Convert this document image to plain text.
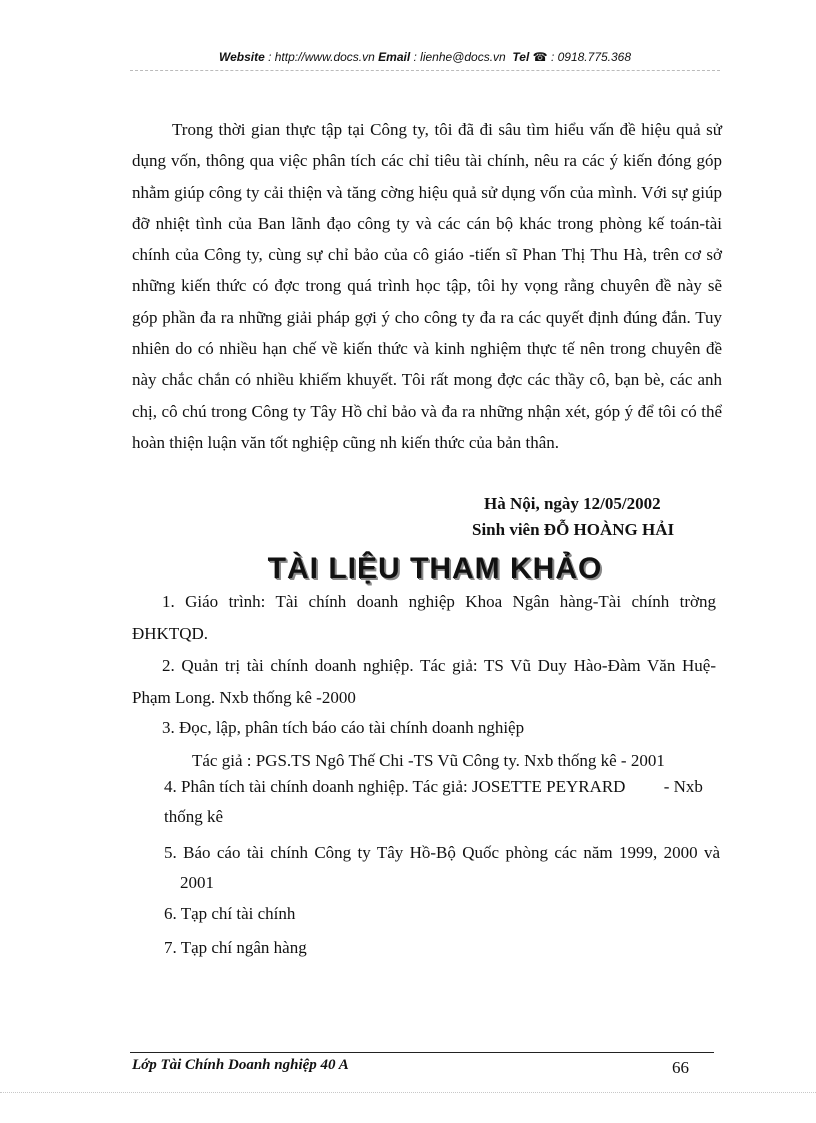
Website : http://www.docs.vn Email : lienhe@docs.vn Tel ☎ : 0918.775.368

Trong thời gian thực tập tại Công ty, tôi đã đi sâu tìm hiểu vấn đề hiệu quả sử dụng vốn, thông qua việc phân tích các chỉ tiêu tài chính, nêu ra các ý kiến đóng góp nhằm giúp công ty cải thiện và tăng cờng hiệu quả sử dụng vốn của mình. Với sự giúp đỡ nhiệt tình của Ban lãnh đạo công ty và các cán bộ khác trong phòng kế toán-tài chính của Công ty, cùng sự chỉ bảo của cô giáo -tiến sĩ Phan Thị Thu Hà, trên cơ sở những kiến thức có đợc trong quá trình học tập, tôi hy vọng rằng chuyên đề này sẽ góp phần đa ra những giải pháp gợi ý cho công ty đa ra các quyết định đúng đắn. Tuy nhiên do có nhiều hạn chế về kiến thức và kinh nghiệm thực tế nên trong chuyên đề này chắc chắn có nhiều khiếm khuyết. Tôi rất mong đợc các thầy cô, bạn bè, các anh chị, cô chú trong Công ty Tây Hồ chỉ bảo và đa ra những nhận xét, góp ý để tôi có thể hoàn thiện luận văn tốt nghiệp cũng nh kiến thức của bản thân.

Hà Nội, ngày 12/05/2002
Sinh viên ĐỖ HOÀNG HẢI
TÀI LIỆU THAM KHẢO

1. Giáo trình: Tài chính doanh nghiệp Khoa Ngân hàng-Tài chính trờng ĐHKTQD.

2. Quản trị tài chính doanh nghiệp. Tác giả: TS Vũ Duy Hào-Đàm Văn Huệ-Phạm Long. Nxb thống kê -2000

3. Đọc, lập, phân tích báo cáo tài chính doanh nghiệp

Tác giả : PGS.TS Ngô Thế Chi -TS Vũ Công ty. Nxb thống kê - 2001

4. Phân tích tài chính doanh nghiệp. Tác giả: JOSETTE PEYRARD         - Nxb thống kê

5. Báo cáo tài chính Công ty Tây Hồ-Bộ Quốc phòng các năm 1999, 2000 và 2001

6. Tạp chí tài chính

7. Tạp chí ngân hàng

Lớp Tài Chính Doanh nghiệp 40 A	66
